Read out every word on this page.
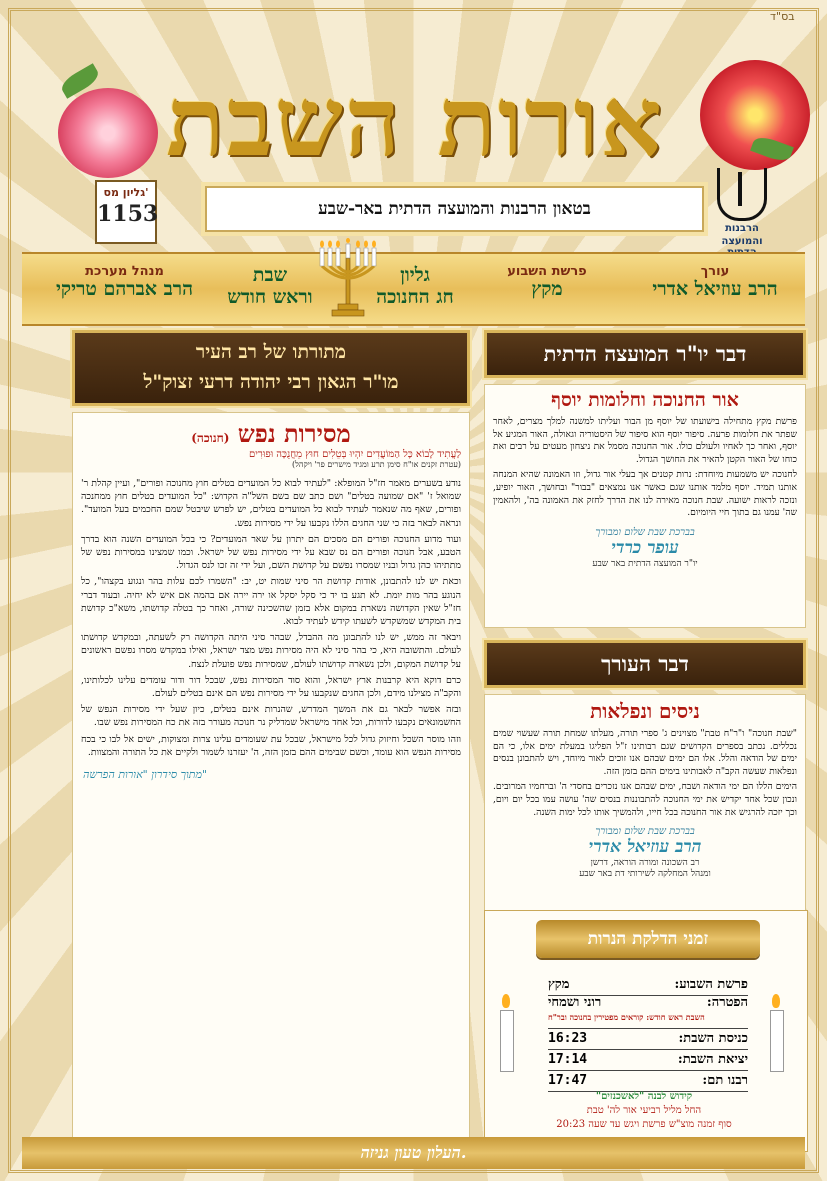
בס"ד
אורות השבת
גליון מס'
1153
הרבנות
והמועצה
בטאון הרבנות והמועצה הדתית באר-שבע
עורך
הרב עוזיאל אדרי
פרשת השבוע
מקץ
גליון
חג החנוכה
שבת
וראש חודש
מנהל מערכת
הרב אברהם טריקי
מתורתו של רב העיר
מו"ר הגאון רבי יהודה דרעי זצוק"ל
מסירות נפש (חנוכה)
לַעֲתִיד לָבוֹא כָּל הַמּוֹעֲדִים יִהְיוּ בְּטֵלִים חוּץ מֵחֲנֻכָּה וּפוּרִים
(עטרת זקנים או"ח סימן תרע ומגיד מישרים פר' ויקהל)

נודע בשערים מאמר חז"ל המופלא: "לעתיד לבוא כל המועדים בטלים חוץ מחנוכה ופורים", ועיין קהלת ר' שמואל ז' "אם שמועה בטלים" ושם כתב שם בשם השל"ה הקדוש: "כל המועדים בטלים חוץ ממחנכה ופורים, שאף מה שנאמר לעתיד לבוא כל המועדים בטלים, יש לפרש שיבטל שמם החכמים בעל המועד". ונראה לבאר בזה כי שני החגים הללו נקבעו על ידי מסירות נפש.

ועוד מדוע החנוכה ופורים הם מסכים הם יתרון על שאר המועדים? כי בכל המועדים השנה הוא בדרך הטבע, אבל חנוכה ופורים הם נס שבא על ידי מסירות נפש של ישראל. וכמו שמצינו במסירות נפש של מתתיהו כהן גדול ובניו שמסרו נפשם על קדושת השם, ועל ידי זה זכו לנס הגדול.

וכאת יש לנו להתבונן, אודות קדושת הר סיני שמות יט, יב: "השמרו לכם עלות בהר ונגוע בקצהו", כל הנוגע בהר מות יומת. לא תגע בו יד כי סקל יסקל או ירה יירה אם בהמה אם איש לא יחיה. ובעוד דברי חז"ל שאין הקדושה נשארת במקום אלא בזמן שהשכינה שורה, ואחר כך בטלה קדושתו, משא"כ קדושת בית המקדש שמשקדש לשעתו קידש לעתיד לבוא.

ויבאר זה ממש, יש לנו להתבונן מה ההבדל, שבהר סיני היתה הקדושה רק לשעתה, ובמקדש קדושתו לעולם. והתשובה היא, כי בהר סיני לא היה מסירות נפש מצד ישראל, ואילו במקדש מסרו נפשם ראשונים על קדושת המקום, ולכן נשארה קדושתו לעולם, שמסירות נפש פועלת לנצח.

כרם דוקא היא קרבנות ארץ ישראל, והוא סוד המסירות נפש, שבכל דור ודור עומדים עלינו לכלותינו, והקב"ה מצילנו מידם, ולכן החגים שנקבעו על ידי מסירות נפש הם אינם בטלים לעולם.

ובזה אפשר לבאר גם את המשך המדרש, שהנרות אינם בטלים, כיון שעל ידי מסירות הנפש של החשמונאים נקבעו לדורות, וכל אחד מישראל שמדליק נר חנוכה מעורר בזה את כח המסירות נפש שבו.

וזהו מוסר השכל וחיזוק גדול לכל מישראל, שבכל עת שעומדים עלינו צרות ומצוקות, ישים אל לבו כי בכח מסירות הנפש הוא עומד, וכשם שבימים ההם בזמן הזה, ה' יעזרנו לשמור ולקיים את כל התורה והמצוות.

מתוך סידרון "אורות הפרשה"
דבר יו"ר המועצה הדתית
אור החנוכה וחלומות יוסף

פרשת מקץ מתחילה בישועתו של יוסף מן הבור ועליתו למשנה למלך מצרים, לאחר שפתר את חלומות פרעה. סיפור יוסף הוא סיפור של היסטוריה וגאולה, האור המגיע אל יוסף, ואחר כך לאחיו ולעולם כולו. אור החנוכה מסמל את ניצחון מעטים על רבים ואת כוחו של האור הקטן להאיר את החושך הגדול.

לחנוכה יש משמעות מיוחדת: נרות קטנים אך בעלי אור גדול, וזו האמונה שהיא המנחה אותנו תמיד. יוסף מלמד אותנו שגם כאשר אנו נמצאים "בבור" ובחושך, האור יופיע, ונזכה לראות ישועה. שבת חנוכה מאירה לנו את הדרך לחזק את האמונה בה', ולהאמין שה' עמנו גם בתוך חיי היומיום.

בברכת שבת שלום ומבורך
עופר כרדי
יו"ר המועצה הדתית באר שבע
דבר העורך
ניסים ונפלאות

"שבת חנוכה" ו"ר"ח טבת" מצוינים ג' ספרי תורה, מעלתו שמחת תורה שעשוי שמים נכללים. נכתב בספרים הקדושים שגם רבותינו ז"ל הפליגו במעלת ימים אלו, כי הם ימים של הודאה והלל. אלו הם ימים שבהם אנו זוכים לאור מיוחד, ויש להתבונן בנסים ונפלאות שעשה הקב"ה לאבותינו בימים ההם בזמן הזה.

הימים הללו הם ימי הודאה ושבח, ימים שבהם אנו נזכרים בחסדי ה' וברחמיו המרובים. ונכון שכל אחד יקדיש את ימי החנוכה להתבוננות בנסים שה' עושה עמו בכל יום ויום, וכך יזכה להרגיש את אור החנוכה בכל חייו, ולהמשיך אותו לכל ימות השנה.

בברכת שבת שלום ומבורך
הרב עוזיאל אדרי
רב השכונה ומורה הוראה, דרשן
ומנהל המחלקה לשירותי דת באר שבע
זמני הדלקת הנרות
פרשת השבוע:
מקץ
הפטרה:
רוני ושמחי
השבת ראש חודש: קוראים מפטירין בחנוכה ובר"ח
כניסת השבת:
16:23
יציאת השבת:
17:14
רבנו תם:
17:47
קידוש לבנה "לאשכנזים"
החל מליל רביעי אור לה' טבת
סוף זמנה מוצ"ש פרשת ויגש עד שעה 20:23
העלון טעון גניזה.
